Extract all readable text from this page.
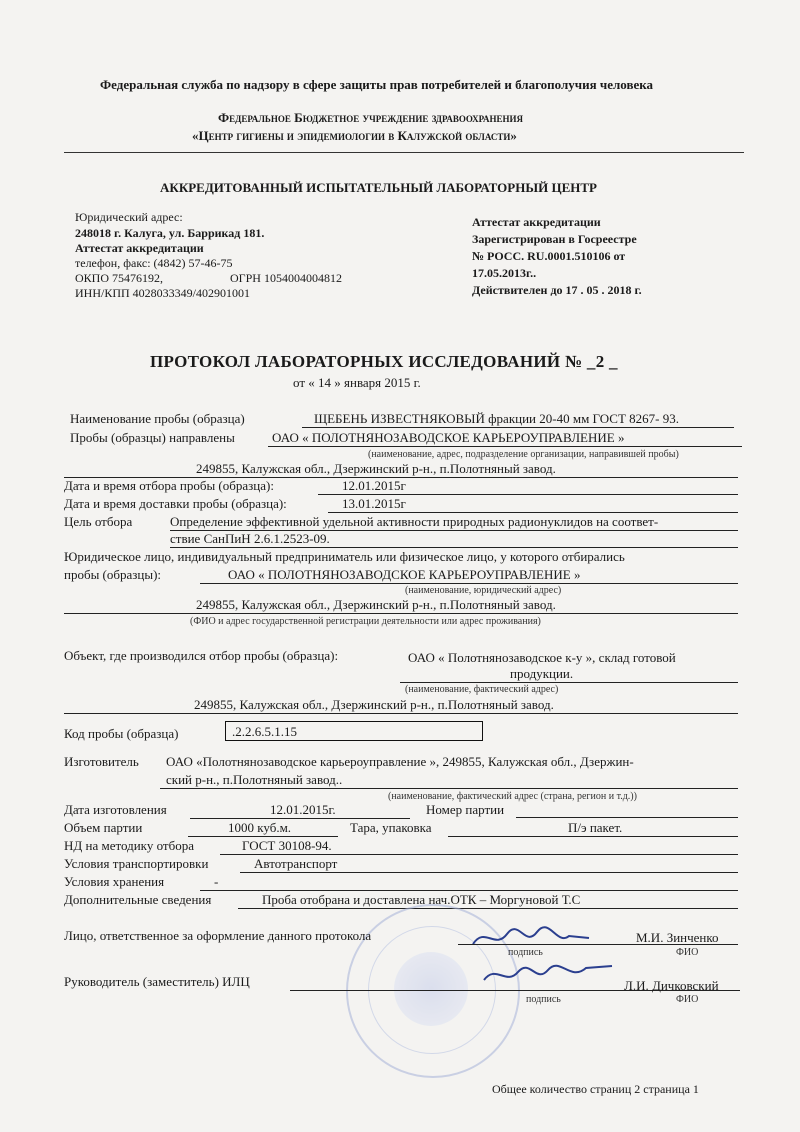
Федеральная служба по надзору в сфере защиты прав потребителей и благополучия человека
Федеральное Бюджетное учреждение здравоохранения
«Центр гигиены и эпидемиологии в Калужской области»
АККРЕДИТОВАННЫЙ ИСПЫТАТЕЛЬНЫЙ ЛАБОРАТОРНЫЙ ЦЕНТР
Юридический адрес:
248018 г. Калуга, ул. Баррикад 181.
Аттестат аккредитации
телефон, факс: (4842) 57-46-75
ОКПО 75476192,	ОГРН 1054004004812
ИНН/КПП 4028033349/402901001
Аттестат аккредитации
Зарегистрирован в Госреестре
№ РОСС. RU.0001.510106 от
17.05.2013г..
Действителен до 17 . 05 . 2018 г.
ПРОТОКОЛ ЛАБОРАТОРНЫХ ИССЛЕДОВАНИЙ № _2 _
от « 14 » января 2015 г.
Наименование пробы (образца)	ЩЕБЕНЬ ИЗВЕСТНЯКОВЫЙ фракции 20-40 мм ГОСТ 8267- 93.
Пробы (образцы) направлены	ОАО « ПОЛОТНЯНОЗАВОДСКОЕ КАРЬЕРОУПРАВЛЕНИЕ »
(наименование, адрес, подразделение организации, направившей пробы)
249855, Калужская обл., Дзержинский р-н., п.Полотняный завод.
Дата и время отбора пробы (образца):	12.01.2015г
Дата и время доставки пробы (образца):	13.01.2015г
Цель отбора	Определение эффективной удельной активности природных радионуклидов на соответ-
ствие СанПиН 2.6.1.2523-09.
Юридическое лицо, индивидуальный предприниматель или физическое лицо, у которого отбирались
пробы (образцы):	ОАО « ПОЛОТНЯНОЗАВОДСКОЕ КАРЬЕРОУПРАВЛЕНИЕ »
(наименование, юридический адрес)
249855, Калужская обл., Дзержинский р-н., п.Полотняный завод.
(ФИО и адрес государственной регистрации деятельности или адрес проживания)
Объект, где производился отбор пробы (образца):	ОАО « Полотнянозаводское к-у », склад готовой
продукции.
(наименование, фактический адрес)
249855, Калужская обл., Дзержинский р-н., п.Полотняный завод.
Код пробы (образца)	.2.2.6.5.1.15
Изготовитель ОАО «Полотнянозаводское карьероуправление », 249855, Калужская обл., Дзержин-
ский р-н., п.Полотняный завод..
(наименование, фактический адрес (страна, регион и т.д.))
Дата изготовления	12.01.2015г.	Номер партии
Объем партии	1000 куб.м.	Тара, упаковка	П/э пакет.
НД на методику отбора	ГОСТ 30108-94.
Условия транспортировки	Автотранспорт
Условия хранения	-
Дополнительные сведения	Проба отобрана и доставлена нач.ОТК – Моргуновой Т.С
Лицо, ответственное за оформление данного протокола	М.И. Зинченко
подпись	ФИО
Руководитель (заместитель) ИЛЦ	Л.И. Дичковский
подпись	ФИО
Общее количество страниц 2 страница 1
